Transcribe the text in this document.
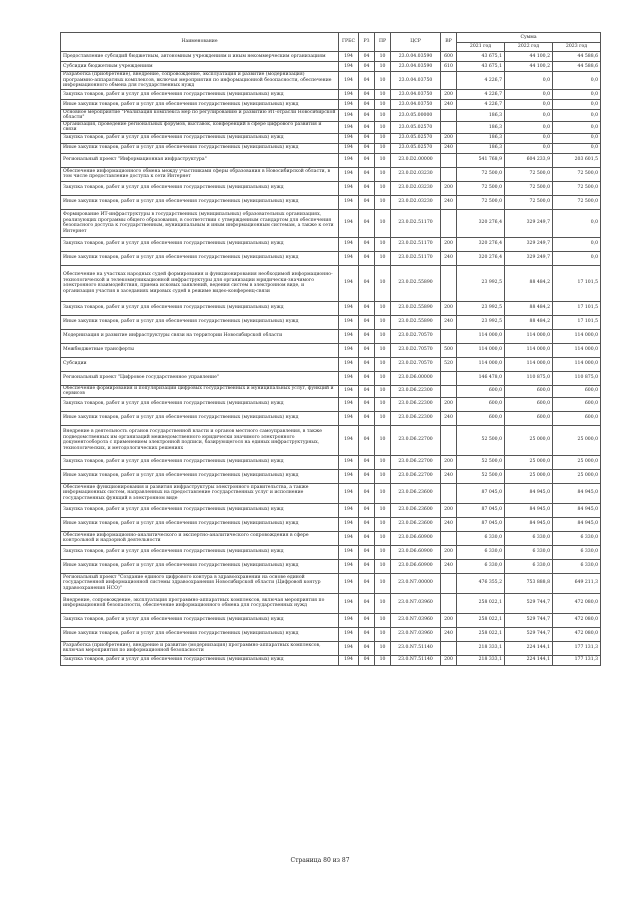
Наименование	ГРБС	РЗ	ПР	ЦСР	ВР	Сумма		
						2021 год	2022 год	2023 год
Предоставление субсидий бюджетным, автономным учреждениям и иным некоммерческим организациям	194	04	10	23.0.04.03590	600	43 675,1	44 100,2	44 588,6
Субсидии бюджетным учреждениям	194	04	10	23.0.04.03590	610	43 675,1	44 100,2	44 588,6
Разработка (приобретение), внедрение, сопровождение, эксплуатация и развитие (модернизация) программно-аппаратных комплексов, включая мероприятия по информационной безопасности, обеспечение информационного обмена для государственных нужд	194	04	10	23.0.04.03750		4 226,7	0,0	0,0
Закупка товаров, работ и услуг для обеспечения государственных (муниципальных) нужд	194	04	10	23.0.04.03750	200	4 226,7	0,0	0,0
Иные закупки товаров, работ и услуг для обеспечения государственных (муниципальных) нужд	194	04	10	23.0.04.03750	240	4 226,7	0,0	0,0
Основное мероприятие "Реализация комплекса мер по регулированию и развитию ИТ-отрасли Новосибирской области"	194	04	10	23.0.05.00000		186,3	0,0	0,0
Организация, проведение региональных форумов, выставок, конференций в сфере цифрового развития и связи	194	04	10	23.0.05.02570		186,3	0,0	0,0
Закупка товаров, работ и услуг для обеспечения государственных (муниципальных) нужд	194	04	10	23.0.05.02570	200	186,3	0,0	0,0
Иные закупки товаров, работ и услуг для обеспечения государственных (муниципальных) нужд	194	04	10	23.0.05.02570	240	186,3	0,0	0,0
Региональный проект "Информационная инфраструктура"	194	04	10	23.0.D2.00000		541 768,9	604 233,9	203 601,5
Обеспечение информационного обмена между участниками сферы образования в Новосибирской области, в том числе предоставление доступа к сети Интернет	194	04	10	23.0.D2.03230		72 500,0	72 500,0	72 500,0
Закупка товаров, работ и услуг для обеспечения государственных (муниципальных) нужд	194	04	10	23.0.D2.03230	200	72 500,0	72 500,0	72 500,0
Иные закупки товаров, работ и услуг для обеспечения государственных (муниципальных) нужд	194	04	10	23.0.D2.03230	240	72 500,0	72 500,0	72 500,0
Формирование ИТ-инфраструктуры в государственных (муниципальных) образовательных организациях, реализующих программы общего образования, в соответствии с утвержденным стандартом для обеспечения безопасного доступа к государственным, муниципальным и иным информационным системам, а также к сети Интернет	194	04	10	23.0.D2.51170		320 276,4	329 249,7	0,0
Закупка товаров, работ и услуг для обеспечения государственных (муниципальных) нужд	194	04	10	23.0.D2.51170	200	320 276,4	329 249,7	0,0
Иные закупки товаров, работ и услуг для обеспечения государственных (муниципальных) нужд	194	04	10	23.0.D2.51170	240	320 276,4	329 249,7	0,0
Обеспечение на участках народных судей формирования и функционирования необходимой информационно-технологической и телекоммуникационной инфраструктуры для организации юридически-значимого электронного взаимодействия, приема исковых заявлений, ведения систем в электронном виде, и организация участия в заседаниях мировых судей в режиме видео-конференц-связи	194	04	10	23.0.D2.55890		23 992,5	88 484,2	17 101,5
Закупка товаров, работ и услуг для обеспечения государственных (муниципальных) нужд	194	04	10	23.0.D2.55890	200	23 992,5	88 484,2	17 101,5
Иные закупки товаров, работ и услуг для обеспечения государственных (муниципальных) нужд	194	04	10	23.0.D2.55890	240	23 992,5	88 484,2	17 101,5
Модернизация и развитие инфраструктуры связи на территории Новосибирской области	194	04	10	23.0.D2.70570		114 000,0	114 000,0	114 000,0
Межбюджетные трансферты	194	04	10	23.0.D2.70570	500	114 000,0	114 000,0	114 000,0
Субсидии	194	04	10	23.0.D2.70570	520	114 000,0	114 000,0	114 000,0
Региональный проект "Цифровое государственное управление"	194	04	10	23.0.D6.00000		146 478,0	110 875,0	110 875,0
Обеспечение формирования и популяризации цифровых государственных и муниципальных услуг, функций и сервисов	194	04	10	23.0.D6.22300		600,0	600,0	600,0
Закупка товаров, работ и услуг для обеспечения государственных (муниципальных) нужд	194	04	10	23.0.D6.22300	200	600,0	600,0	600,0
Иные закупки товаров, работ и услуг для обеспечения государственных (муниципальных) нужд	194	04	10	23.0.D6.22300	240	600,0	600,0	600,0
Внедрение в деятельность органов государственной власти и органов местного самоуправления, в также подведомственных им организаций межведомственного юридически значимого электронного документооборота с применением электронной подписи, базирующегося на единых инфраструктурных, технологических, и методологических решениях	194	04	10	23.0.D6.22700		52 500,0	25 000,0	25 000,0
Закупка товаров, работ и услуг для обеспечения государственных (муниципальных) нужд	194	04	10	23.0.D6.22700	200	52 500,0	25 000,0	25 000,0
Иные закупки товаров, работ и услуг для обеспечения государственных (муниципальных) нужд	194	04	10	23.0.D6.22700	240	52 500,0	25 000,0	25 000,0
Обеспечение функционирования и развития инфраструктуры электронного правительства, а также информационных систем, направленных на предоставление государственных услуг и исполнение государственных функций в электронном виде	194	04	10	23.0.D6.23600		87 045,0	84 945,0	84 945,0
Закупка товаров, работ и услуг для обеспечения государственных (муниципальных) нужд	194	04	10	23.0.D6.23600	200	87 045,0	84 945,0	84 945,0
Иные закупки товаров, работ и услуг для обеспечения государственных (муниципальных) нужд	194	04	10	23.0.D6.23600	240	87 045,0	84 945,0	84 945,0
Обеспечение информационно-аналитического и экспертно-аналитического сопровождения в сфере контрольной и надзорной деятельности	194	04	10	23.0.D6.60900		6 330,0	6 330,0	6 330,0
Закупка товаров, работ и услуг для обеспечения государственных (муниципальных) нужд	194	04	10	23.0.D6.60900	200	6 330,0	6 330,0	6 330,0
Иные закупки товаров, работ и услуг для обеспечения государственных (муниципальных) нужд	194	04	10	23.0.D6.60900	240	6 330,0	6 330,0	6 330,0
Региональный проект "Создание единого цифрового контура в здравоохранении на основе единой государственной информационной системы здравоохранения Новосибирской области (Цифровой контур здравоохранения НСО)"	194	04	10	23.0.N7.00000		476 355,2	753 888,8	649 211,3
Внедрение, сопровождение, эксплуатация программно-аппаратных комплексов, включая мероприятия по информационной безопасности, обеспечение информационного обмена для государственных нужд	194	04	10	23.0.N7.03960		258 022,1	529 744,7	472 080,0
Закупка товаров, работ и услуг для обеспечения государственных (муниципальных) нужд	194	04	10	23.0.N7.03960	200	258 022,1	529 744,7	472 080,0
Иные закупки товаров, работ и услуг для обеспечения государственных (муниципальных) нужд	194	04	10	23.0.N7.03960	240	258 022,1	529 744,7	472 080,0
Разработка (приобретение), внедрение и развитие (модернизация) программно-аппаратных комплексов, включая мероприятия по информационной безопасности	194	04	10	23.0.N7.51140		218 333,1	224 144,1	177 131,3
Закупка товаров, работ и услуг для обеспечения государственных (муниципальных) нужд	194	04	10	23.0.N7.51140	200	218 333,1	224 144,1	177 131,3
Страница 80 из 87
